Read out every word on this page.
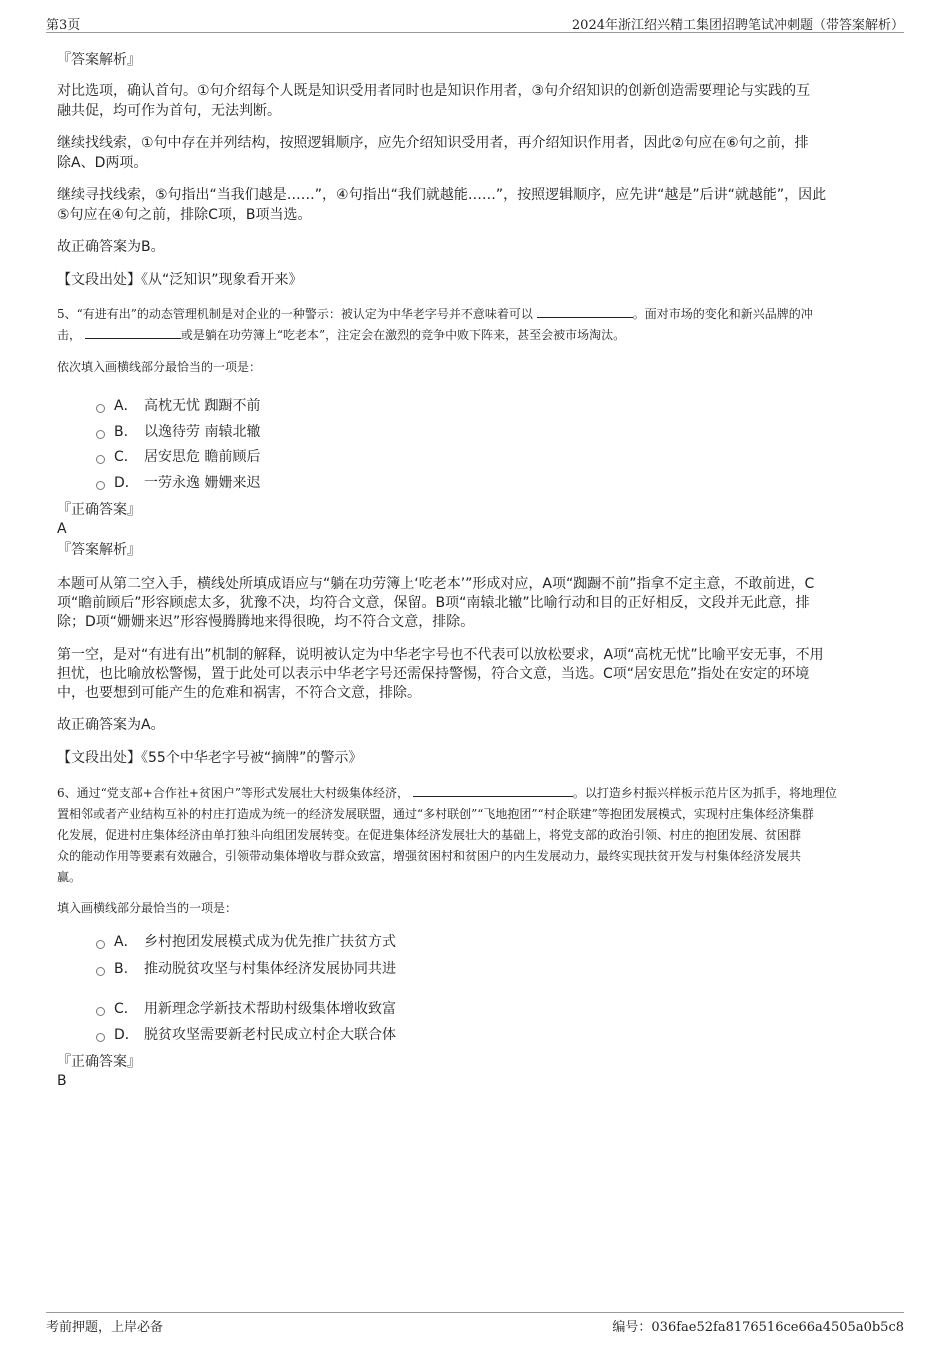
第3页	2024年浙江绍兴精工集团招聘笔试冲刺题（带答案解析）
『答案解析』
对比选项，确认首句。①句介绍每个人既是知识受用者同时也是知识作用者，③句介绍知识的创新创造需要理论与实践的互
融共促，均可作为首句，无法判断。
继续找线索，①句中存在并列结构，按照逻辑顺序，应先介绍知识受用者，再介绍知识作用者，因此②句应在⑥句之前，排
除A、D两项。
继续寻找线索，⑤句指出“当我们越是……”，④句指出“我们就越能……”，按照逻辑顺序，应先讲“越是”后讲“就越能”，因此
⑤句应在④句之前，排除C项，B项当选。
故正确答案为B。
【文段出处】《从“泛知识”现象看开来》
5、“有进有出”的动态管理机制是对企业的一种警示：被认定为中华老字号并不意味着可以	。面对市场的变化和新兴品牌的冲
击，	或是躺在功劳簿上“吃老本”，注定会在激烈的竞争中败下阵来，甚至会被市场淘汰。
依次填入画横线部分最恰当的一项是：
A． 高枕无忧 踟蹰不前
B. 以逸待劳 南辕北辙
C． 居安思危 瞻前顾后
D． 一劳永逸 姗姗来迟
『正确答案』
A
『答案解析』
本题可从第二空入手，横线处所填成语应与“躺在功劳簿上‘吃老本’”形成对应，A项“踟蹰不前”指拿不定主意，不敢前进，C
项“瞻前顾后”形容顾虑太多，犹豫不决，均符合文意，保留。B项“南辕北辙”比喻行动和目的正好相反，文段并无此意，排
除；D项“姗姗来迟”形容慢腾腾地来得很晚，均不符合文意，排除。
第一空，是对“有进有出”机制的解释，说明被认定为中华老字号也不代表可以放松要求，A项“高枕无忧”比喻平安无事，不用
担忧，也比喻放松警惕，置于此处可以表示中华老字号还需保持警惕，符合文意，当选。C项“居安思危”指处在安定的环境
中，也要想到可能产生的危难和祸害，不符合文意，排除。
故正确答案为A。
【文段出处】《55个中华老字号被“摘牌”的警示》
6、通过“党支部+合作社+贫困户”等形式发展壮大村级集体经济，	。以打造乡村振兴样板示范片区为抓手，将地理位
置相邻或者产业结构互补的村庄打造成为统一的经济发展联盟，通过“多村联创”“飞地抱团”“村企联建”等抱团发展模式，实现村庄集体经济集群
化发展，促进村庄集体经济由单打独斗向组团发展转变。在促进集体经济发展壮大的基础上，将党支部的政治引领、村庄的抱团发展、贫困群
众的能动作用等要素有效融合，引领带动集体增收与群众致富，增强贫困村和贫困户的内生发展动力，最终实现扶贫开发与村集体经济发展共
赢。
填入画横线部分最恰当的一项是：
A． 乡村抱团发展模式成为优先推广扶贫方式
B. 推动脱贫攻坚与村集体经济发展协同共进
C． 用新理念学新技术帮助村级集体增收致富
D． 脱贫攻坚需要新老村民成立村企大联合体
『正确答案』
B
考前押题，上岸必备	编号：036fae52fa8176516ce66a4505a0b5c8
